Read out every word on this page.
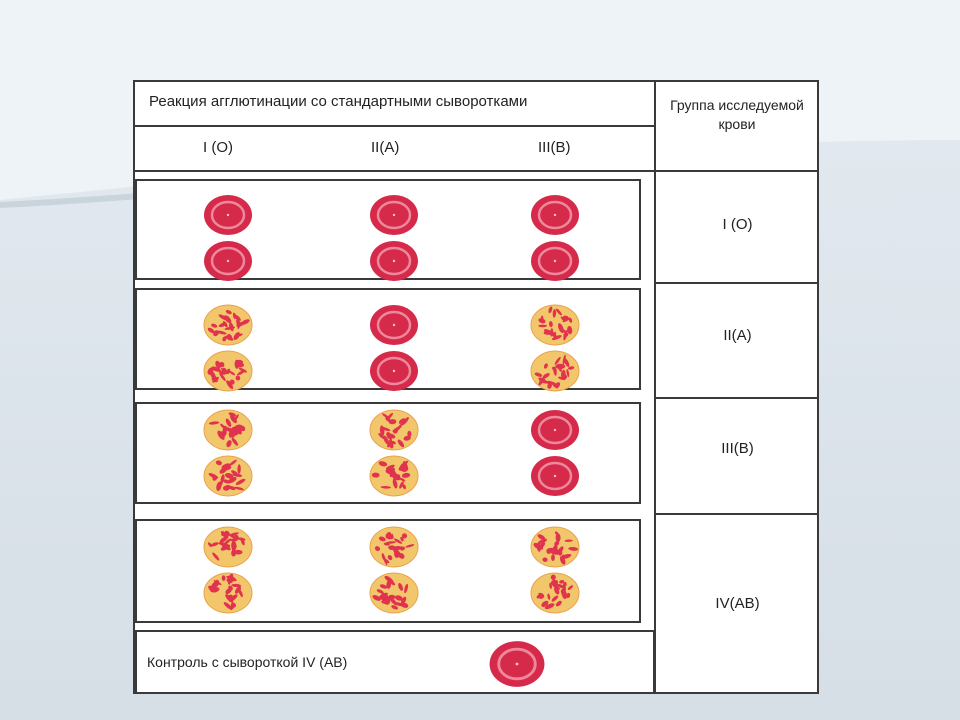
Реакция агглютинации со стандартными сыворотками
I (O)	II(A)	III(B)
Группа исследуемой крови
I (O)
II(A)
III(B)
IV(AB)
Контроль с сывороткой IV (AB)
